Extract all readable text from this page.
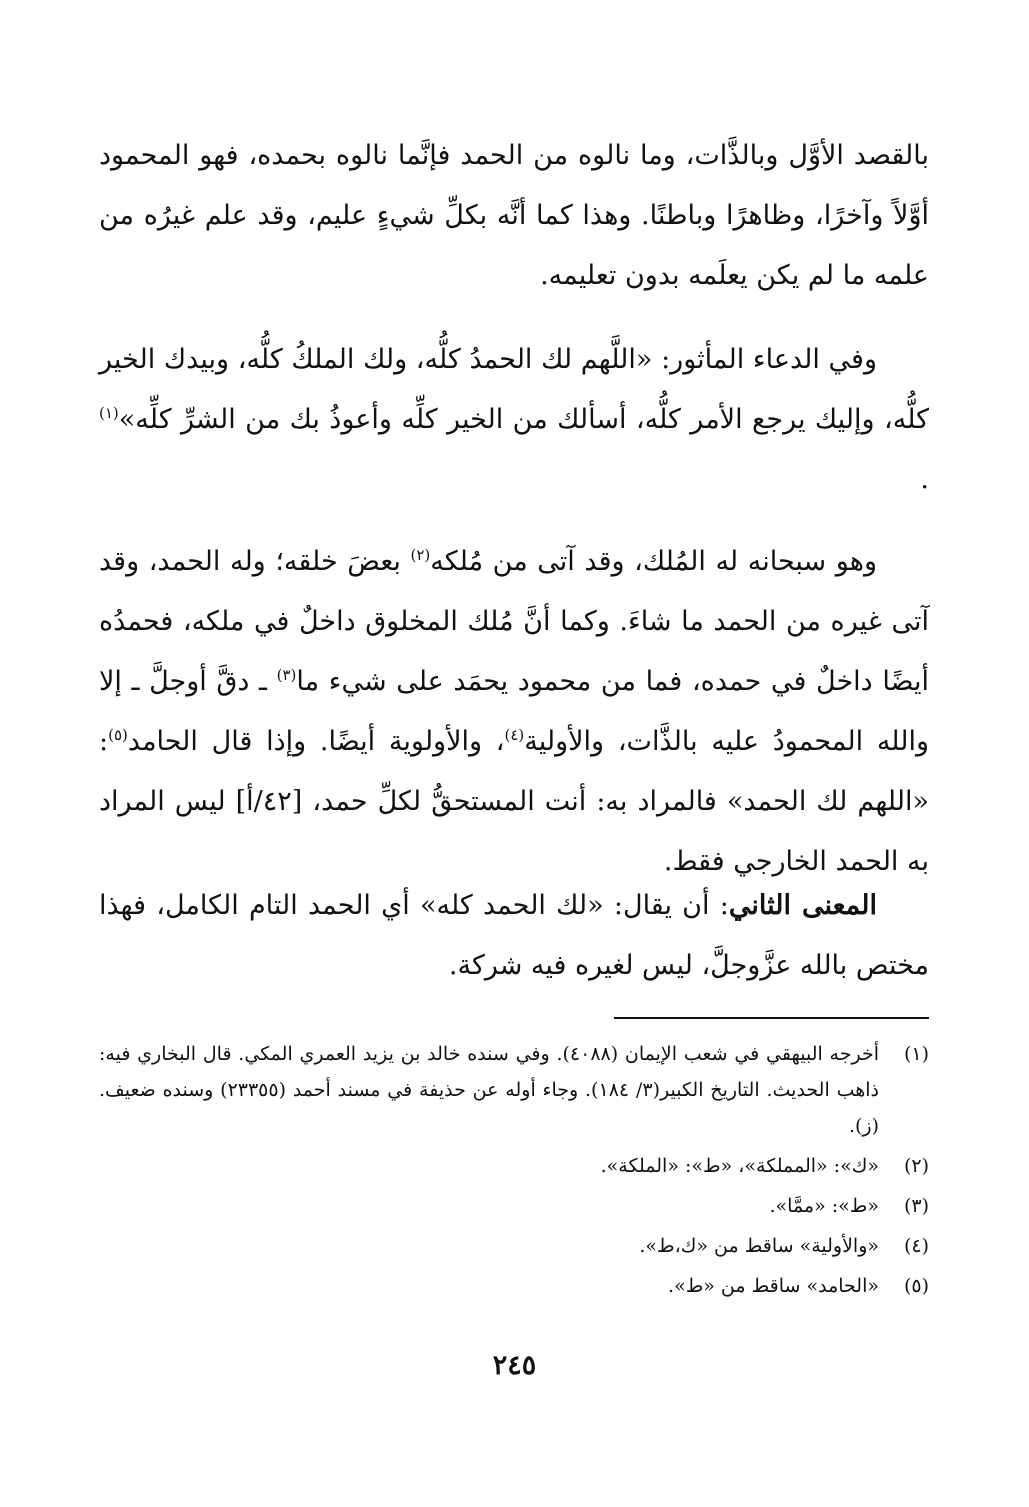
بالقصد الأوَّل وبالذَّات، وما نالوه من الحمد فإنَّما نالوه بحمده، فهو المحمود أوَّلاً وآخرًا، وظاهرًا وباطنًا. وهذا كما أنَّه بكلِّ شيءٍ عليم، وقد علم غيرُه من علمه ما لم يكن يعلَمه بدون تعليمه.

وفي الدعاء المأثور: «اللَّهم لك الحمدُ كلُّه، ولك الملكُ كلُّه، وبيدك الخير كلُّه، وإليك يرجع الأمر كلُّه، أسألك من الخير كلِّه وأعوذُ بك من الشرِّ كلِّه»$^{(١)}$ .

وهو سبحانه له المُلك، وقد آتى من مُلكه$^{(٢)}$ بعضَ خلقه؛ وله الحمد، وقد آتى غيره من الحمد ما شاءَ. وكما أنَّ مُلك المخلوق داخلٌ في ملكه، فحمدُه أيضًا داخلٌ في حمده، فما من محمود يحمَد على شيء ما$^{(٣)}$ ـ دقَّ أوجلَّ ـ إلا والله المحمودُ عليه بالذَّات، والأولية$^{(٤)}$، والأولوية أيضًا. وإذا قال الحامد$^{(٥)}$: «اللهم لك الحمد» فالمراد به: أنت المستحقُّ لكلِّ حمد، [٤٢/أ] ليس المراد به الحمد الخارجي فقط.

المعنى الثاني: أن يقال: «لك الحمد كله» أي الحمد التام الكامل، فهذا مختص بالله عزَّوجلَّ، ليس لغيره فيه شركة.

(١)
أخرجه البيهقي في شعب الإيمان (٤٠٨٨). وفي سنده خالد بن يزيد العمري المكي. قال البخاري فيه: ذاهب الحديث. التاريخ الكبير(٣/ ١٨٤). وجاء أوله عن حذيفة في مسند أحمد (٢٣٣٥٥) وسنده ضعيف. (ز).
(٢)
«ك»: «المملكة»، «ط»: «الملكة».
(٣)
«ط»: «ممَّا».
(٤)
«والأولية» ساقط من «ك،ط».
(٥)
«الحامد» ساقط من «ط».
٢٤٥
